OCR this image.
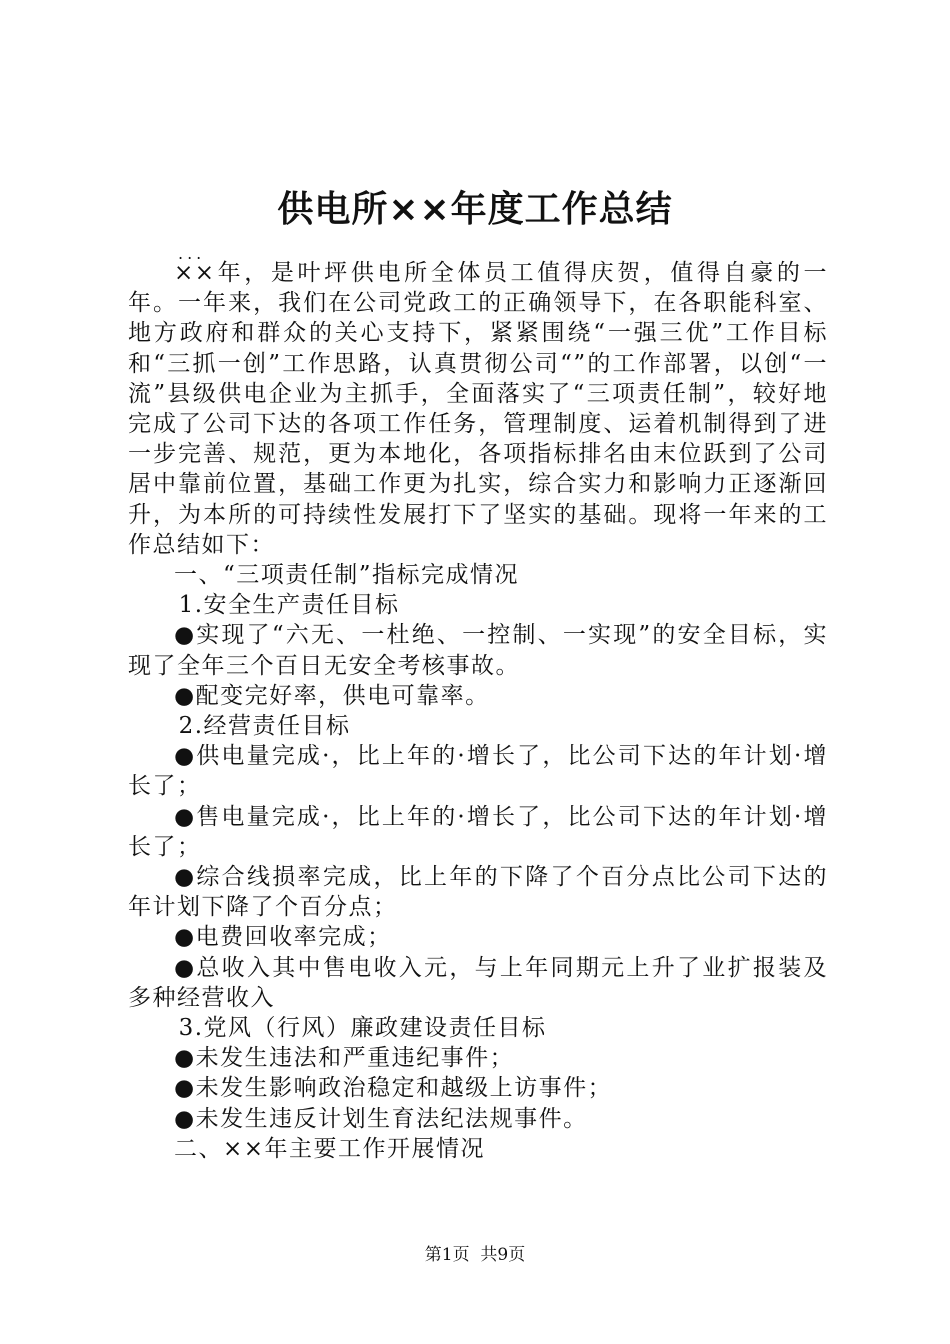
供电所××年度工作总结
...

××年，是叶坪供电所全体员工值得庆贺，值得自豪的一年。一年来，我们在公司党政工的正确领导下，在各职能科室、地方政府和群众的关心支持下，紧紧围绕“一强三优”工作目标和“三抓一创”工作思路，认真贯彻公司“”的工作部署，以创“一流”县级供电企业为主抓手，全面落实了“三项责任制”，较好地完成了公司下达的各项工作任务，管理制度、运着机制得到了进一步完善、规范，更为本地化，各项指标排名由末位跃到了公司居中靠前位置，基础工作更为扎实，综合实力和影响力正逐渐回升，为本所的可持续性发展打下了坚实的基础。现将一年来的工作总结如下：

一、“三项责任制”指标完成情况

1.安全生产责任目标

●实现了“六无、一杜绝、一控制、一实现”的安全目标，实现了全年三个百日无安全考核事故。

●配变完好率，供电可靠率。

2.经营责任目标

●供电量完成·，比上年的·增长了，比公司下达的年计划·增长了；

●售电量完成·，比上年的·增长了，比公司下达的年计划·增长了；

●综合线损率完成，比上年的下降了个百分点比公司下达的年计划下降了个百分点；

●电费回收率完成；

●总收入其中售电收入元，与上年同期元上升了业扩报装及多种经营收入

3.党风（行风）廉政建设责任目标

●未发生违法和严重违纪事件；

●未发生影响政治稳定和越级上访事件；

●未发生违反计划生育法纪法规事件。

二、××年主要工作开展情况

第1页  共9页
